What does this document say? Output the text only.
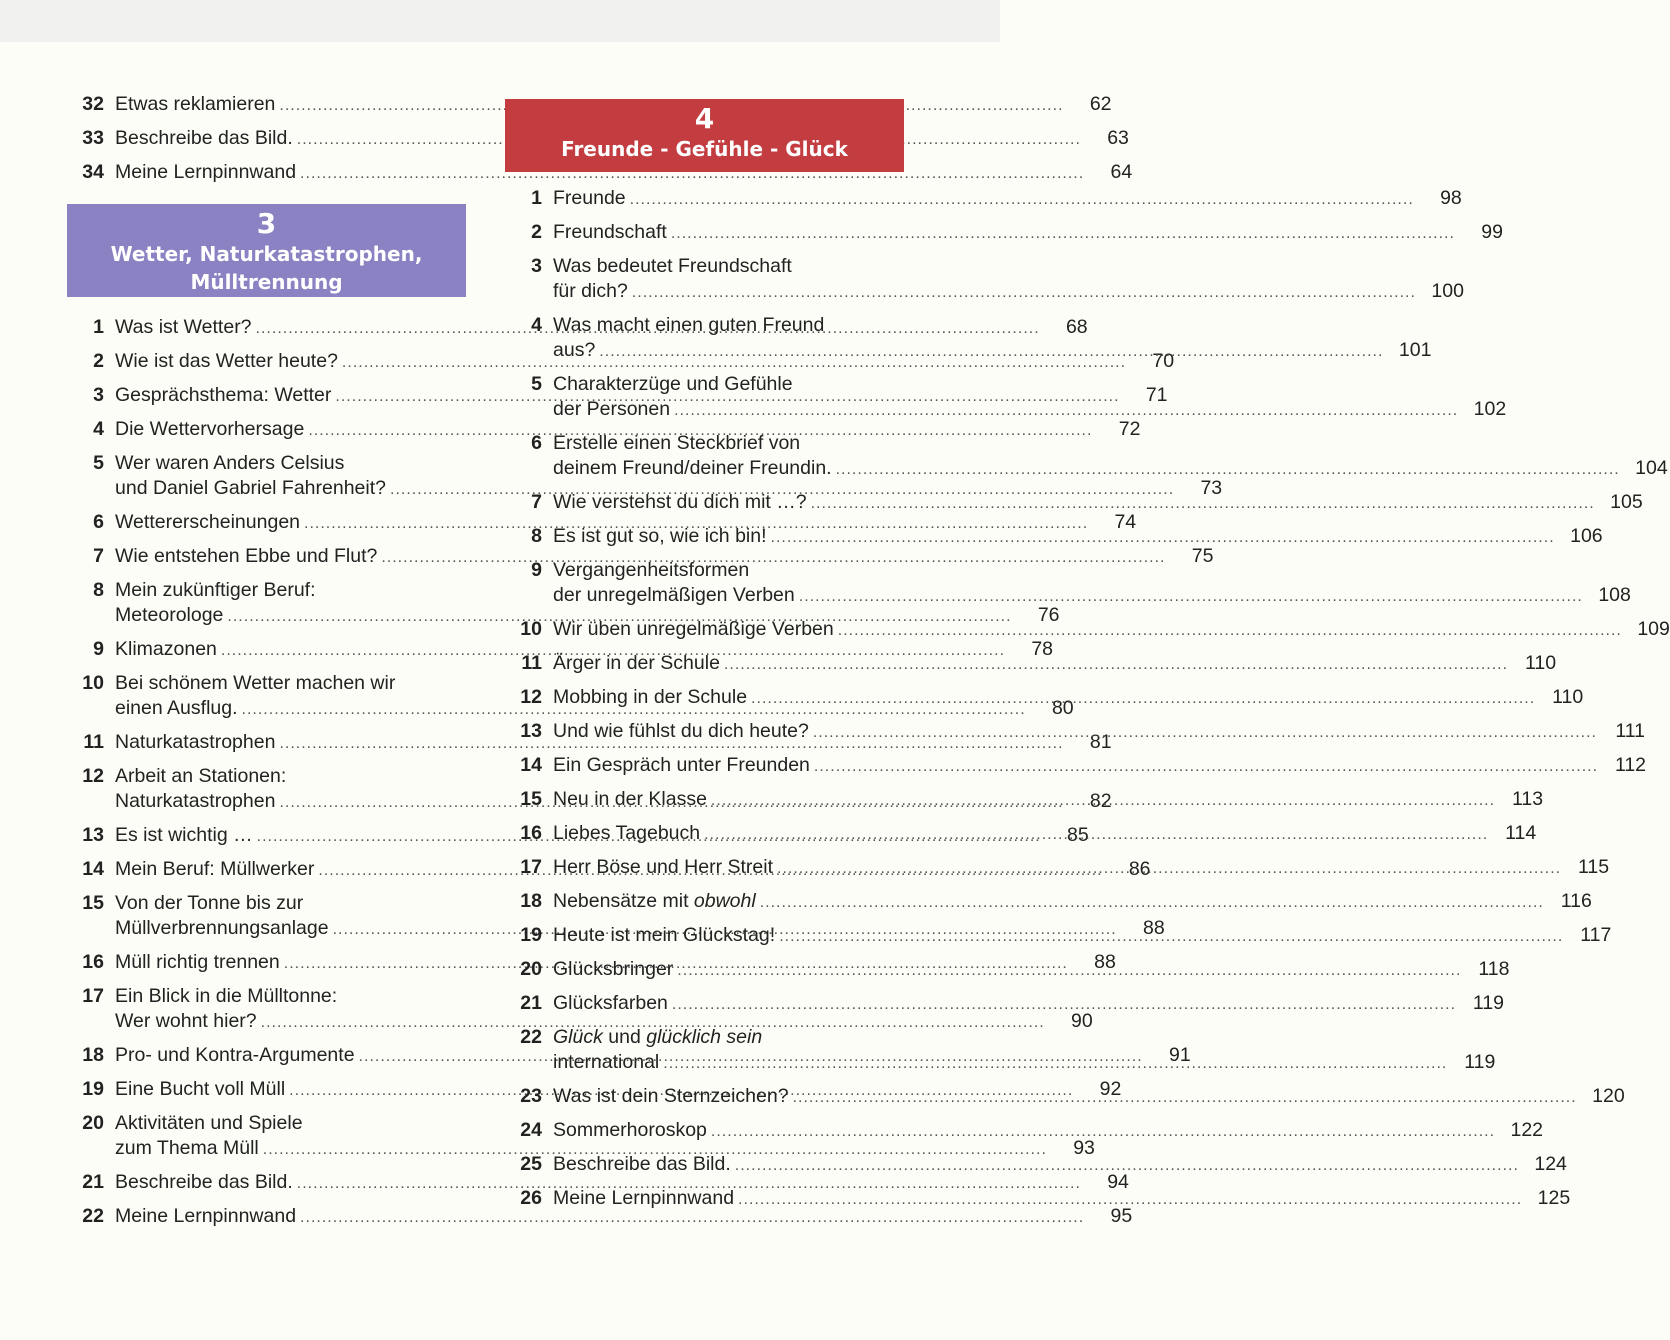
32 Etwas reklamieren .....	62
33 Beschreibe das Bild. .....	63
34 Meine Lernpinnwand .....	64
3
Wetter, Naturkatastrophen,
Mülltrennung
1 Was ist Wetter? .....	68
2 Wie ist das Wetter heute? .....	70
3 Gesprächsthema: Wetter .....	71
4 Die Wettervorhersage .....	72
5 Wer waren Anders Celsius
und Daniel Gabriel Fahrenheit? .....	73
6 Wettererscheinungen .....	74
7 Wie entstehen Ebbe und Flut? .....	75
8 Mein zukünftiger Beruf:
Meteorologe .....	76
9 Klimazonen .....	78
10 Bei schönem Wetter machen wir
einen Ausflug. .....	80
11 Naturkatastrophen .....	81
12 Arbeit an Stationen:
Naturkatastrophen .....	82
13 Es ist wichtig … .....	85
14 Mein Beruf: Müllwerker .....	86
15 Von der Tonne bis zur
Müllverbrennungsanlage .....	88
16 Müll richtig trennen .....	88
17 Ein Blick in die Mülltonne:
Wer wohnt hier? .....	90
18 Pro- und Kontra-Argumente .....	91
19 Eine Bucht voll Müll .....	92
20 Aktivitäten und Spiele
zum Thema Müll .....	93
21 Beschreibe das Bild. .....	94
22 Meine Lernpinnwand .....	95
4
Freunde - Gefühle - Glück
1 Freunde .....	98
2 Freundschaft .....	99
3 Was bedeutet Freundschaft
für dich? .....	100
4 Was macht einen guten Freund
aus? .....	101
5 Charakterzüge und Gefühle
der Personen .....	102
6 Erstelle einen Steckbrief von
deinem Freund/deiner Freundin. .....	104
7 Wie verstehst du dich mit …? .....	105
8 Es ist gut so, wie ich bin! .....	106
9 Vergangenheitsformen
der unregelmäßigen Verben .....	108
10 Wir üben unregelmäßige Verben .....	109
11 Ärger in der Schule .....	110
12 Mobbing in der Schule .....	110
13 Und wie fühlst du dich heute? .....	111
14 Ein Gespräch unter Freunden .....	112
15 Neu in der Klasse .....	113
16 Liebes Tagebuch .....	114
17 Herr Böse und Herr Streit .....	115
18 Nebensätze mit obwohl .....	116
19 Heute ist mein Glückstag! .....	117
20 Glücksbringer .....	118
21 Glücksfarben .....	119
22 Glück und glücklich sein
international .....	119
23 Was ist dein Sternzeichen? .....	120
24 Sommerhoroskop .....	122
25 Beschreibe das Bild. .....	124
26 Meine Lernpinnwand .....	125
